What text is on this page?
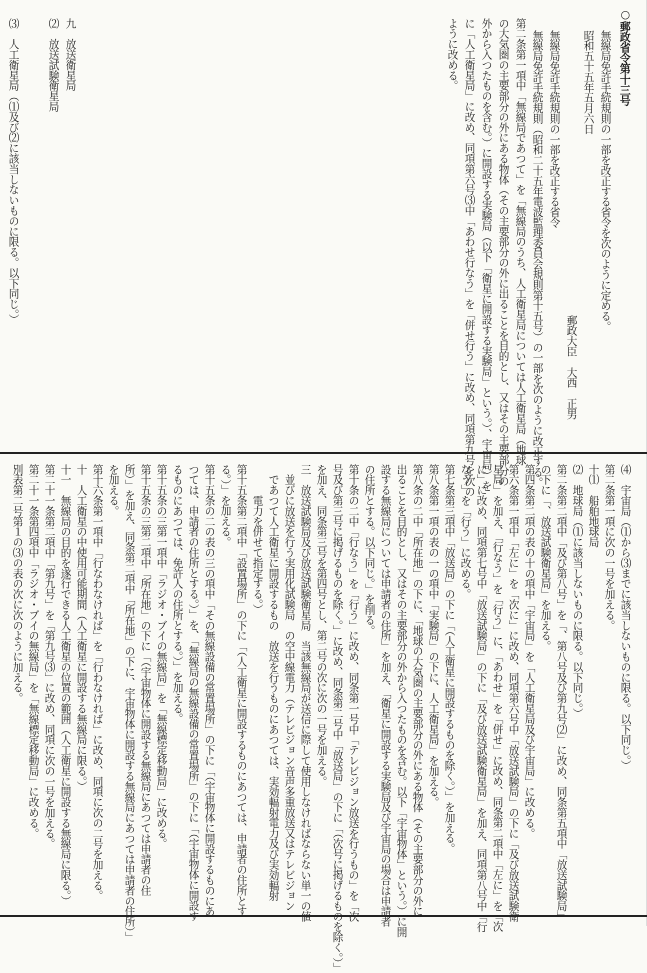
○郵政省令第十三号
無線局免許手続規則の一部を改正する省令を次のように定める。
昭和五十五年五月六日
郵政大臣　大西　正男
無線局免許手続規則の一部を改正する省令
無線局免許手続規則（昭和二十五年電波監理委員会規則第十五号）の一部を次のように改正する。
第二条第一項中「無線局であつて」を「無線局のうち、人工衛星局については人工衛星局（地球
の大気圏の主要部分の外にある物体（その主要部分の外に出ることを目的とし、又はその主要部分の
外から入つたものを含む。）に開設する実験局（以下「衛星に開設する実験局」という。）、宇宙局）を
に「人工衛星局」に改め、同項第六号⑶中「あわせ行なう」を「併せ行う」に改め、同項第九号を次の
ように改める。
九　放送衛星局
⑵　放送試験衛星局
⑶　人工衛星局（⑴及び⑵に該当しないものに限る。以下同じ。）
⑷　宇宙局（⑴から⑶までに該当しないものに限る。以下同じ。）
第二条第一項に次の一号を加える。
十⑴　船舶地球局
⑵　地球局（⑴に該当しないものに限る。以下同じ。）
第二条第二項中「及び第八号」を「、第八号及び第九号⑵」に改め、同条第五項中「放送試験局」
の下に「、放送試験衛星局」を加える。
第四条第二項の表の十の項中「宇宙局」を「人工衛星局及び宇宙局」に改める。
第六条第一項中「左に」を「次に」に改め、同項第六号中「放送試験局」の下に「及び放送試験衛
星局」を加え、「行なう」を「行う」に、「あわせ」を「併せ」に改め、同条第二項中「左に」を「次
に」に改め、同項第七号中「放送試験局」の下に「及び放送試験衛星局」を加え、同項第八号中「行
なう」を「行う」に改める。
第七条第三項中「放送局」の下に「（人工衛星に開設するものを除く。）」を加える。
第八条第一項の表の一の項中「実験局」の下に、人工衛星局」を加える。
第八条の二中「所在地」の下に、「地球の大気圏の主要部分の外にある物体（その主要部分の外に
出ることを目的とし、又はその主要部分の外から入つたものを含む。以下「宇宙物体」という。）に開
設する無線局については申請者の住所」を加え、「衛星に開設する実験局及び宇宙局の場合は申請者
の住所とする。以下同じ。」を削る。
第十条の二中「行なう」を「行う」に改め、同条第一号中「テレビジョン放送を行うもの」を「次
号及び第三号に掲げるものを除く。」に改め、同条第二号中「放送局」の下に「（次号に掲げるものを除く。）」
を加え、同条第三号を第四号とし、第二号の次に次の一号を加える。
三　放送試験局及び放送試験衛星局　当該無線局が送信に際して使用しなければならない単一の値
　並びに放送を行う実用化試験局　の空中線電力（テレビジョン音声多重放送又はテレビジョン
　であつて人工衛星に開設するもの　放送を行うものにあつては、実効輻射電力及び実効輻射
　　　電力を併せて指定する。）
第十五条第二項中「設置場所」の下に「（人工衛星に開設するものにあつては、申請者の住所とす
る。）」を加える。
第十五条の二の表の三の項中「その無線設備の常置場所」の下に「（宇宙物体に開設するものにあ
つては、申請者の住所とする。）」を、「無線局の無線設備の常置場所」の下に「（宇宙物体に開設す
るものにあつては、免許人の住所とする。）」を加える。
第十五条の三第一項中「ラジオ・ブイの無線局」を「無線標定移動局」に改める。
第十五条の三第二項中「所在地」の下に「（宇宙物体に開設する無線局にあつては申請者の住
所）」を加え、同条第二項中「所在地」の下に、宇宙物体に開設する無線局にあつては申請者の住所）」
を加える。
第十六条第一項中「行なわなければ」を「行わなければ」に改め、同項に次の二号を加える。
十　人工衛星の中使用可能期間（人工衛星に開設する無線局に限る。）
十一　無線局の目的を遂行できる人工衛星の位置の範囲（人工衛星に開設する無線局に限る。）
第二十一条第二項中「第九号」を「第九号⑶」に改め、同項に次の一号を加える。
第二十一条第四項中「ラジオ・ブイの無線局」を「無線標定移動局」に改める。
別表第二号第１の⑶の表の次に次のように加える。
